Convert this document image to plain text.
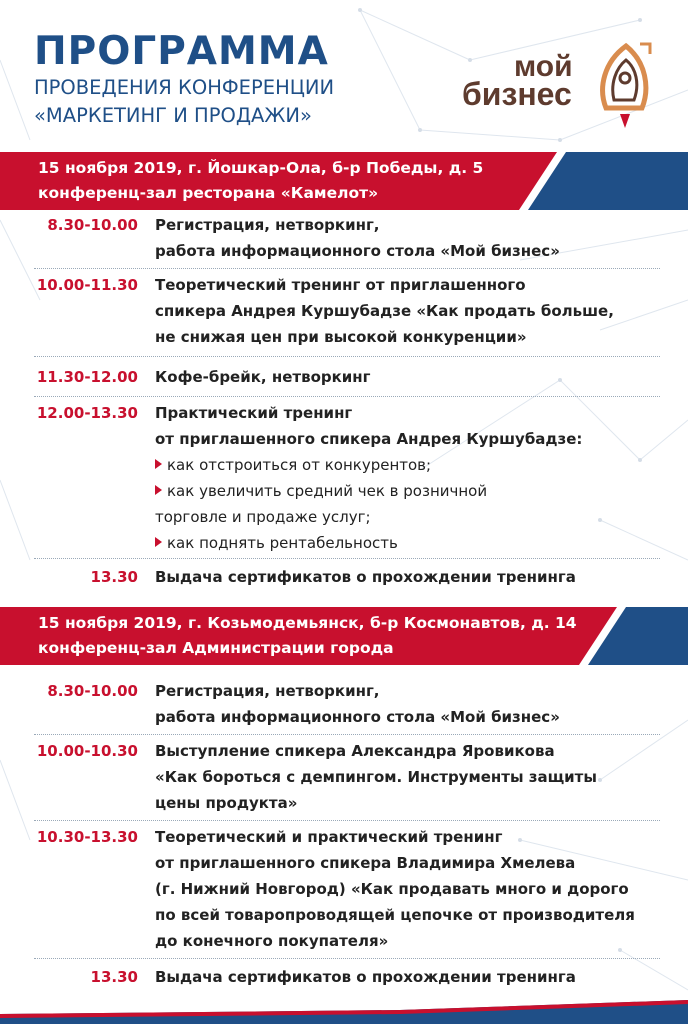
ПРОГРАММА
ПРОВЕДЕНИЯ КОНФЕРЕНЦИИ
«МАРКЕТИНГ И ПРОДАЖИ»
мой
бизнес
15 ноября 2019, г. Йошкар-Ола, б-р Победы, д. 5
конференц-зал ресторана «Камелот»
8.30-10.00 Регистрация, нетворкинг,
работа информационного стола «Мой бизнес»
10.00-11.30 Теоретический тренинг от приглашенного
спикера Андрея Куршубадзе «Как продать больше,
не снижая цен при высокой конкуренции»
11.30-12.00 Кофе-брейк, нетворкинг
12.00-13.30 Практический тренинг
от приглашенного спикера Андрея Куршубадзе:
как отстроиться от конкурентов;
как увеличить средний чек в розничной
торговле и продаже услуг;
как поднять рентабельность
13.30 Выдача сертификатов о прохождении тренинга
15 ноября 2019, г. Козьмодемьянск, б-р Космонавтов, д. 14
конференц-зал Администрации города
8.30-10.00 Регистрация, нетворкинг,
работа информационного стола «Мой бизнес»
10.00-10.30 Выступление спикера Александра Яровикова
«Как бороться с демпингом. Инструменты защиты
цены продукта»
10.30-13.30 Теоретический и практический тренинг
от приглашенного спикера Владимира Хмелева
(г. Нижний Новгород) «Как продавать много и дорого
по всей товаропроводящей цепочке от производителя
до конечного покупателя»
13.30 Выдача сертификатов о прохождении тренинга
